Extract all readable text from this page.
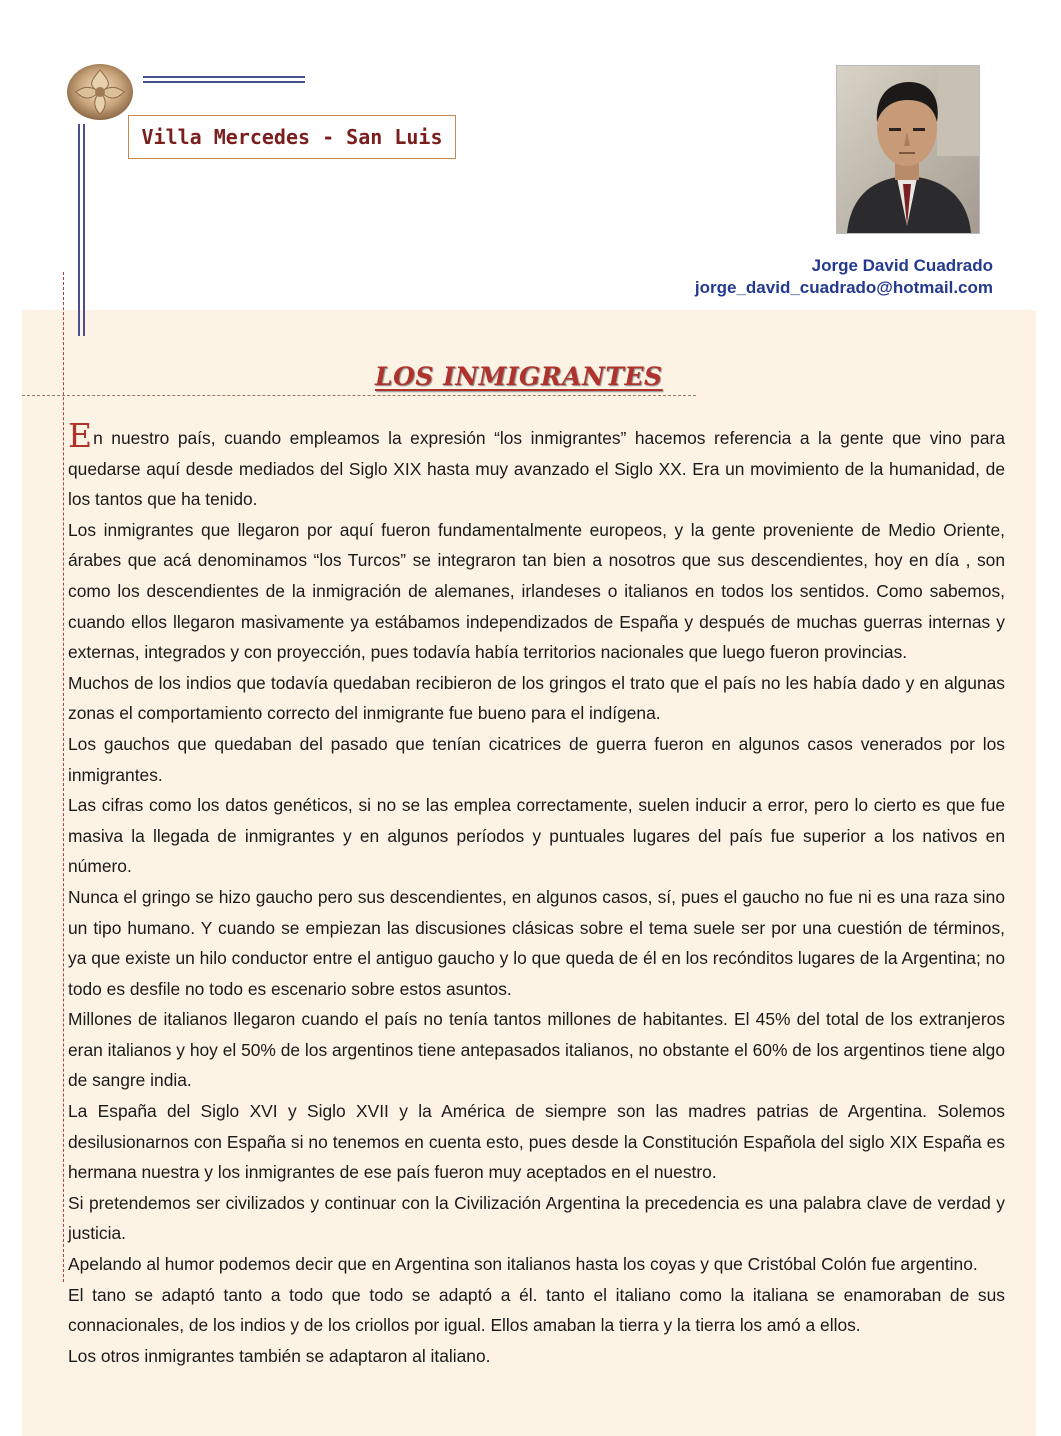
Villa Mercedes - San Luis
Jorge David Cuadrado
jorge_david_cuadrado@hotmail.com
LOS INMIGRANTES

En nuestro país, cuando empleamos la expresión “los inmigrantes” hacemos referencia a la gente que vino para quedarse aquí desde mediados del Siglo XIX hasta muy avanzado el Siglo XX. Era un movimiento de la humanidad, de los tantos que ha tenido.

Los inmigrantes que llegaron por aquí fueron fundamentalmente europeos, y la gente proveniente de Medio Oriente, árabes que acá denominamos “los Turcos” se integraron tan bien a nosotros que sus descendientes, hoy en día , son como los descendientes de la inmigración de alemanes, irlandeses o italianos en todos los sentidos. Como sabemos, cuando ellos llegaron masivamente ya estábamos independizados de España y después de muchas guerras internas y externas, integrados y con proyección, pues todavía había territorios nacionales que luego fueron provincias.

Muchos de los indios que todavía quedaban recibieron de los gringos el trato que el país no les había dado y en algunas zonas el comportamiento correcto del inmigrante fue bueno para el indígena.

Los gauchos que quedaban del pasado que tenían cicatrices de guerra fueron en algunos casos venerados por los inmigrantes.

Las cifras como los datos genéticos, si no se las emplea correctamente, suelen inducir a error, pero lo cierto es que fue masiva la llegada de inmigrantes y en algunos períodos y puntuales lugares del país fue superior a los nativos en número.

Nunca el gringo se hizo gaucho pero sus descendientes, en algunos casos, sí, pues el gaucho no fue ni es una raza sino un tipo humano. Y cuando se empiezan las discusiones clásicas sobre el tema suele ser por una cuestión de términos, ya que existe un hilo conductor entre el antiguo gaucho y lo que queda de él en los recónditos lugares de la Argentina; no todo es desfile no todo es escenario sobre estos asuntos.

Millones de italianos llegaron cuando el país no tenía tantos millones de habitantes. El 45% del total de los extranjeros eran italianos y hoy el 50% de los argentinos tiene antepasados italianos, no obstante el 60% de los argentinos tiene algo de sangre india.

La España del Siglo XVI y Siglo XVII y la América de siempre son las madres patrias de Argentina. Solemos desilusionarnos con España si no tenemos en cuenta esto, pues desde la Constitución Española del siglo XIX España es hermana nuestra y los inmigrantes de ese país fueron muy aceptados en el nuestro.

Si pretendemos ser civilizados y continuar con la Civilización Argentina la precedencia es una palabra clave de verdad y justicia.

Apelando al humor podemos decir que en Argentina son italianos hasta los coyas y que Cristóbal Colón fue argentino.

El tano se adaptó tanto a todo que todo se adaptó a él. tanto el italiano como la italiana se enamoraban de sus connacionales, de los indios y de los criollos por igual. Ellos amaban la tierra y la tierra los amó a ellos.

Los otros inmigrantes también se adaptaron al italiano.
